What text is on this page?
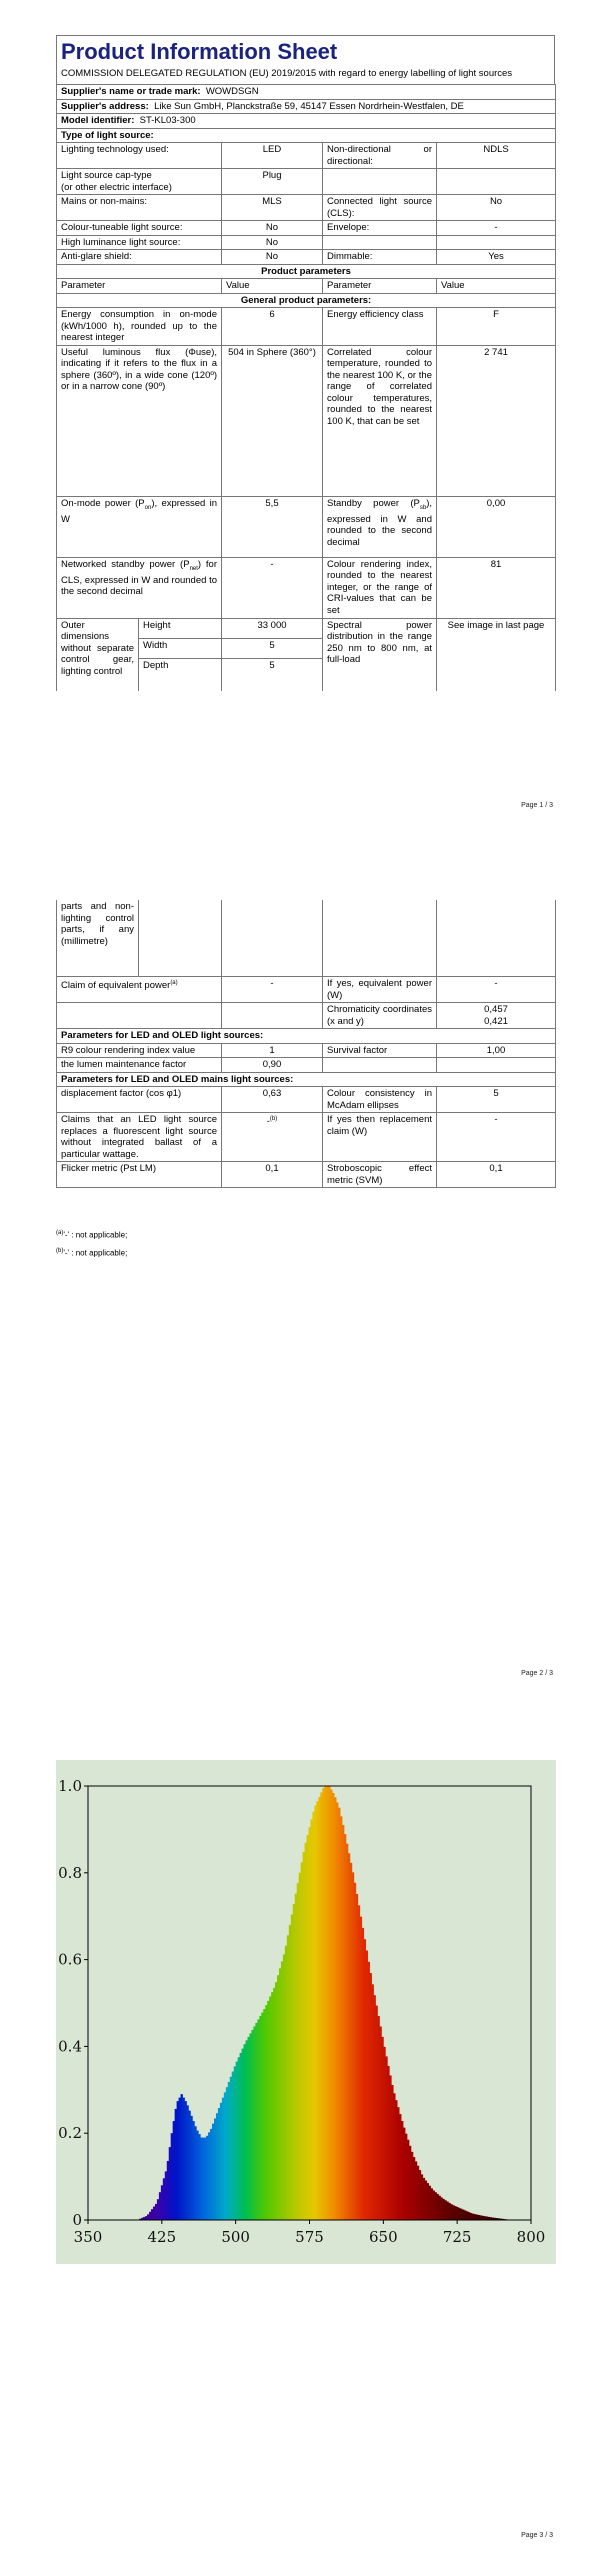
Product Information Sheet
COMMISSION DELEGATED REGULATION (EU) 2019/2015 with regard to energy labelling of light sources
Supplier's name or trade mark: WOWDSGN			
Supplier's address: Like Sun GmbH, Planckstraße 59, 45147 Essen Nordrhein-Westfalen, DE			
Model identifier: ST-KL03-300			
Type of light source:			
Lighting technology used:	LED	Non-directional or directional:	NDLS
Light source cap-type
(or other electric interface)	Plug		
Mains or non-mains:	MLS	Connected light source (CLS):	No
Colour-tuneable light source:	No	Envelope:	-
High luminance light source:	No		
Anti-glare shield:	No	Dimmable:	Yes
Product parameters			
Parameter	Value	Parameter	Value
General product parameters:			
Energy consumption in on-mode (kWh/1000 h), rounded up to the nearest integer	6	Energy efficiency class	F
Useful luminous flux (Φuse), indicating if it refers to the flux in a sphere (360º), in a wide cone (120º) or in a narrow cone (90º)	504 in Sphere (360°)	Correlated colour temperature, rounded to the nearest 100 K, or the range of correlated colour temperatures, rounded to the nearest 100 K, that can be set	2 741
On-mode power $(P_{on})$, expressed in W	5,5	Standby power $(P_{sb})$, expressed in W and rounded to the second decimal	0,00
Networked standby power $(P_{net})$ for CLS, expressed in W and rounded to the second decimal	-	Colour rendering index, rounded to the nearest integer, or the range of CRI-values that can be set	81
Outer dimensions without separate control gear, lighting control	Height	33 000	Spectral power distribution in the range 250 nm to 800 nm, at full-load	See image in last page
	Width	5		
	Depth	5		
Page 1 / 3
parts and non-lighting control parts, if any (millimetre)				
Claim of equivalent power$^{(a)}$	-	If yes, equivalent power (W)	-
		Chromaticity coordinates (x and y)	0,457
0,421
Parameters for LED and OLED light sources:			
R9 colour rendering index value	1	Survival factor	1,00
the lumen maintenance factor	0,90		
Parameters for LED and OLED mains light sources:			
displacement factor (cos φ1)	0,63	Colour consistency in McAdam ellipses	5
Claims that an LED light source replaces a fluorescent light source without integrated ballast of a particular wattage.	-$^{(b)}$	If yes then replacement claim (W)	-
Flicker metric (Pst LM)	0,1	Stroboscopic effect metric (SVM)	0,1
$^{(a)}$'-' : not applicable;
$^{(b)}$'-' : not applicable;
Page 2 / 3
350	425	500	575	650	725	800
0
0.2
0.4
0.6
0.8
1.0
Page 3 / 3
